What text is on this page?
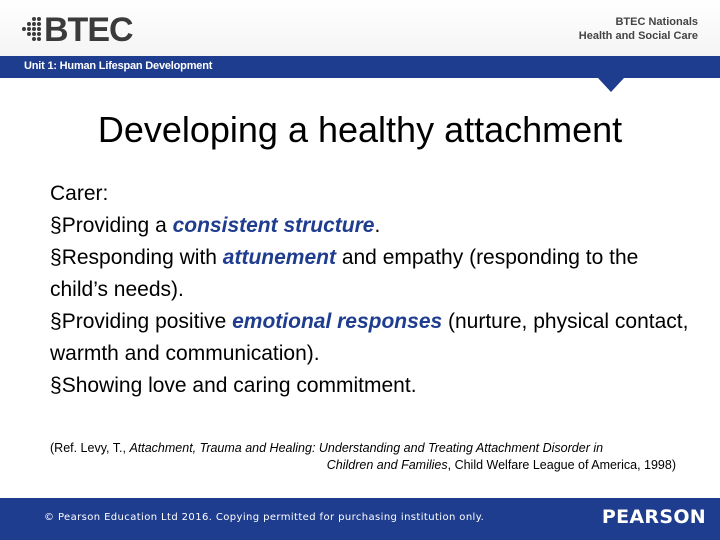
BTEC	BTEC Nationals
Health and Social Care
Unit 1: Human Lifespan Development
Developing a healthy attachment

Carer:

§Providing a consistent structure.

§Responding with attunement and empathy (responding to the child’s needs).

§Providing positive emotional responses (nurture, physical contact, warmth and communication).

§Showing love and caring commitment.

(Ref. Levy, T., Attachment, Trauma and Healing: Understanding and Treating Attachment Disorder in
Children and Families, Child Welfare League of America, 1998)
© Pearson Education Ltd 2016. Copying permitted for purchasing institution only.	PEARSON
